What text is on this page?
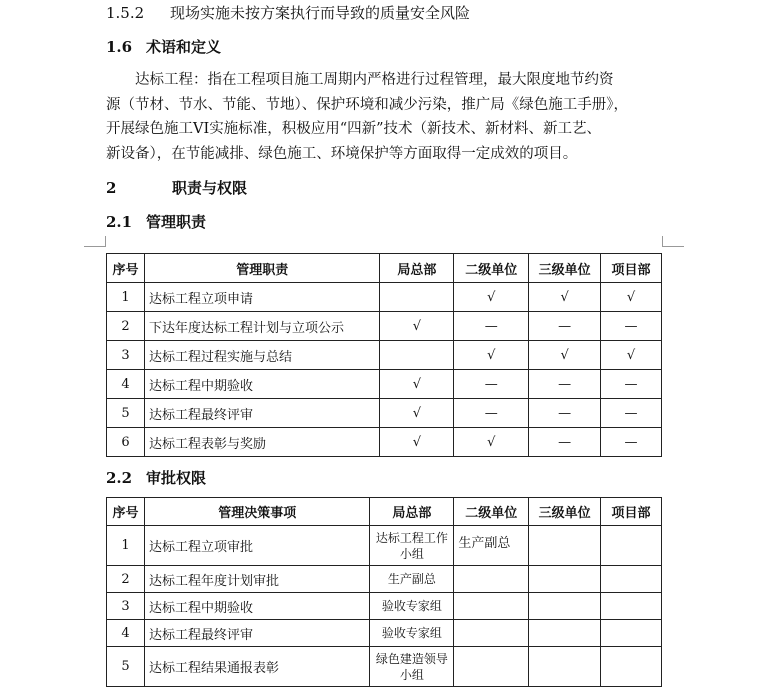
1.5.2 现场实施未按方案执行而导致的质量安全风险
1.6 术语和定义
达标工程：指在工程项目施工周期内严格进行过程管理，最大限度地节约资
源（节材、节水、节能、节地）、保护环境和减少污染，推广局《绿色施工手册》，
开展绿色施工VI实施标准，积极应用“四新”技术（新技术、新材料、新工艺、
新设备），在节能减排、绿色施工、环境保护等方面取得一定成效的项目。
2	职责与权限
2.1 管理职责
序号	管理职责	局总部	二级单位	三级单位	项目部
1	达标工程立项申请		√	√	√
2	下达年度达标工程计划与立项公示	√	—	—	—
3	达标工程过程实施与总结		√	√	√
4	达标工程中期验收	√	—	—	—
5	达标工程最终评审	√	—	—	—
6	达标工程表彰与奖励	√	√	—	—
2.2 审批权限
序号	管理决策事项	局总部	二级单位	三级单位	项目部
1	达标工程立项审批	达标工程工作小组	生产副总		
2	达标工程年度计划审批	生产副总			
3	达标工程中期验收	验收专家组			
4	达标工程最终评审	验收专家组			
5	达标工程结果通报表彰	绿色建造领导小组			
